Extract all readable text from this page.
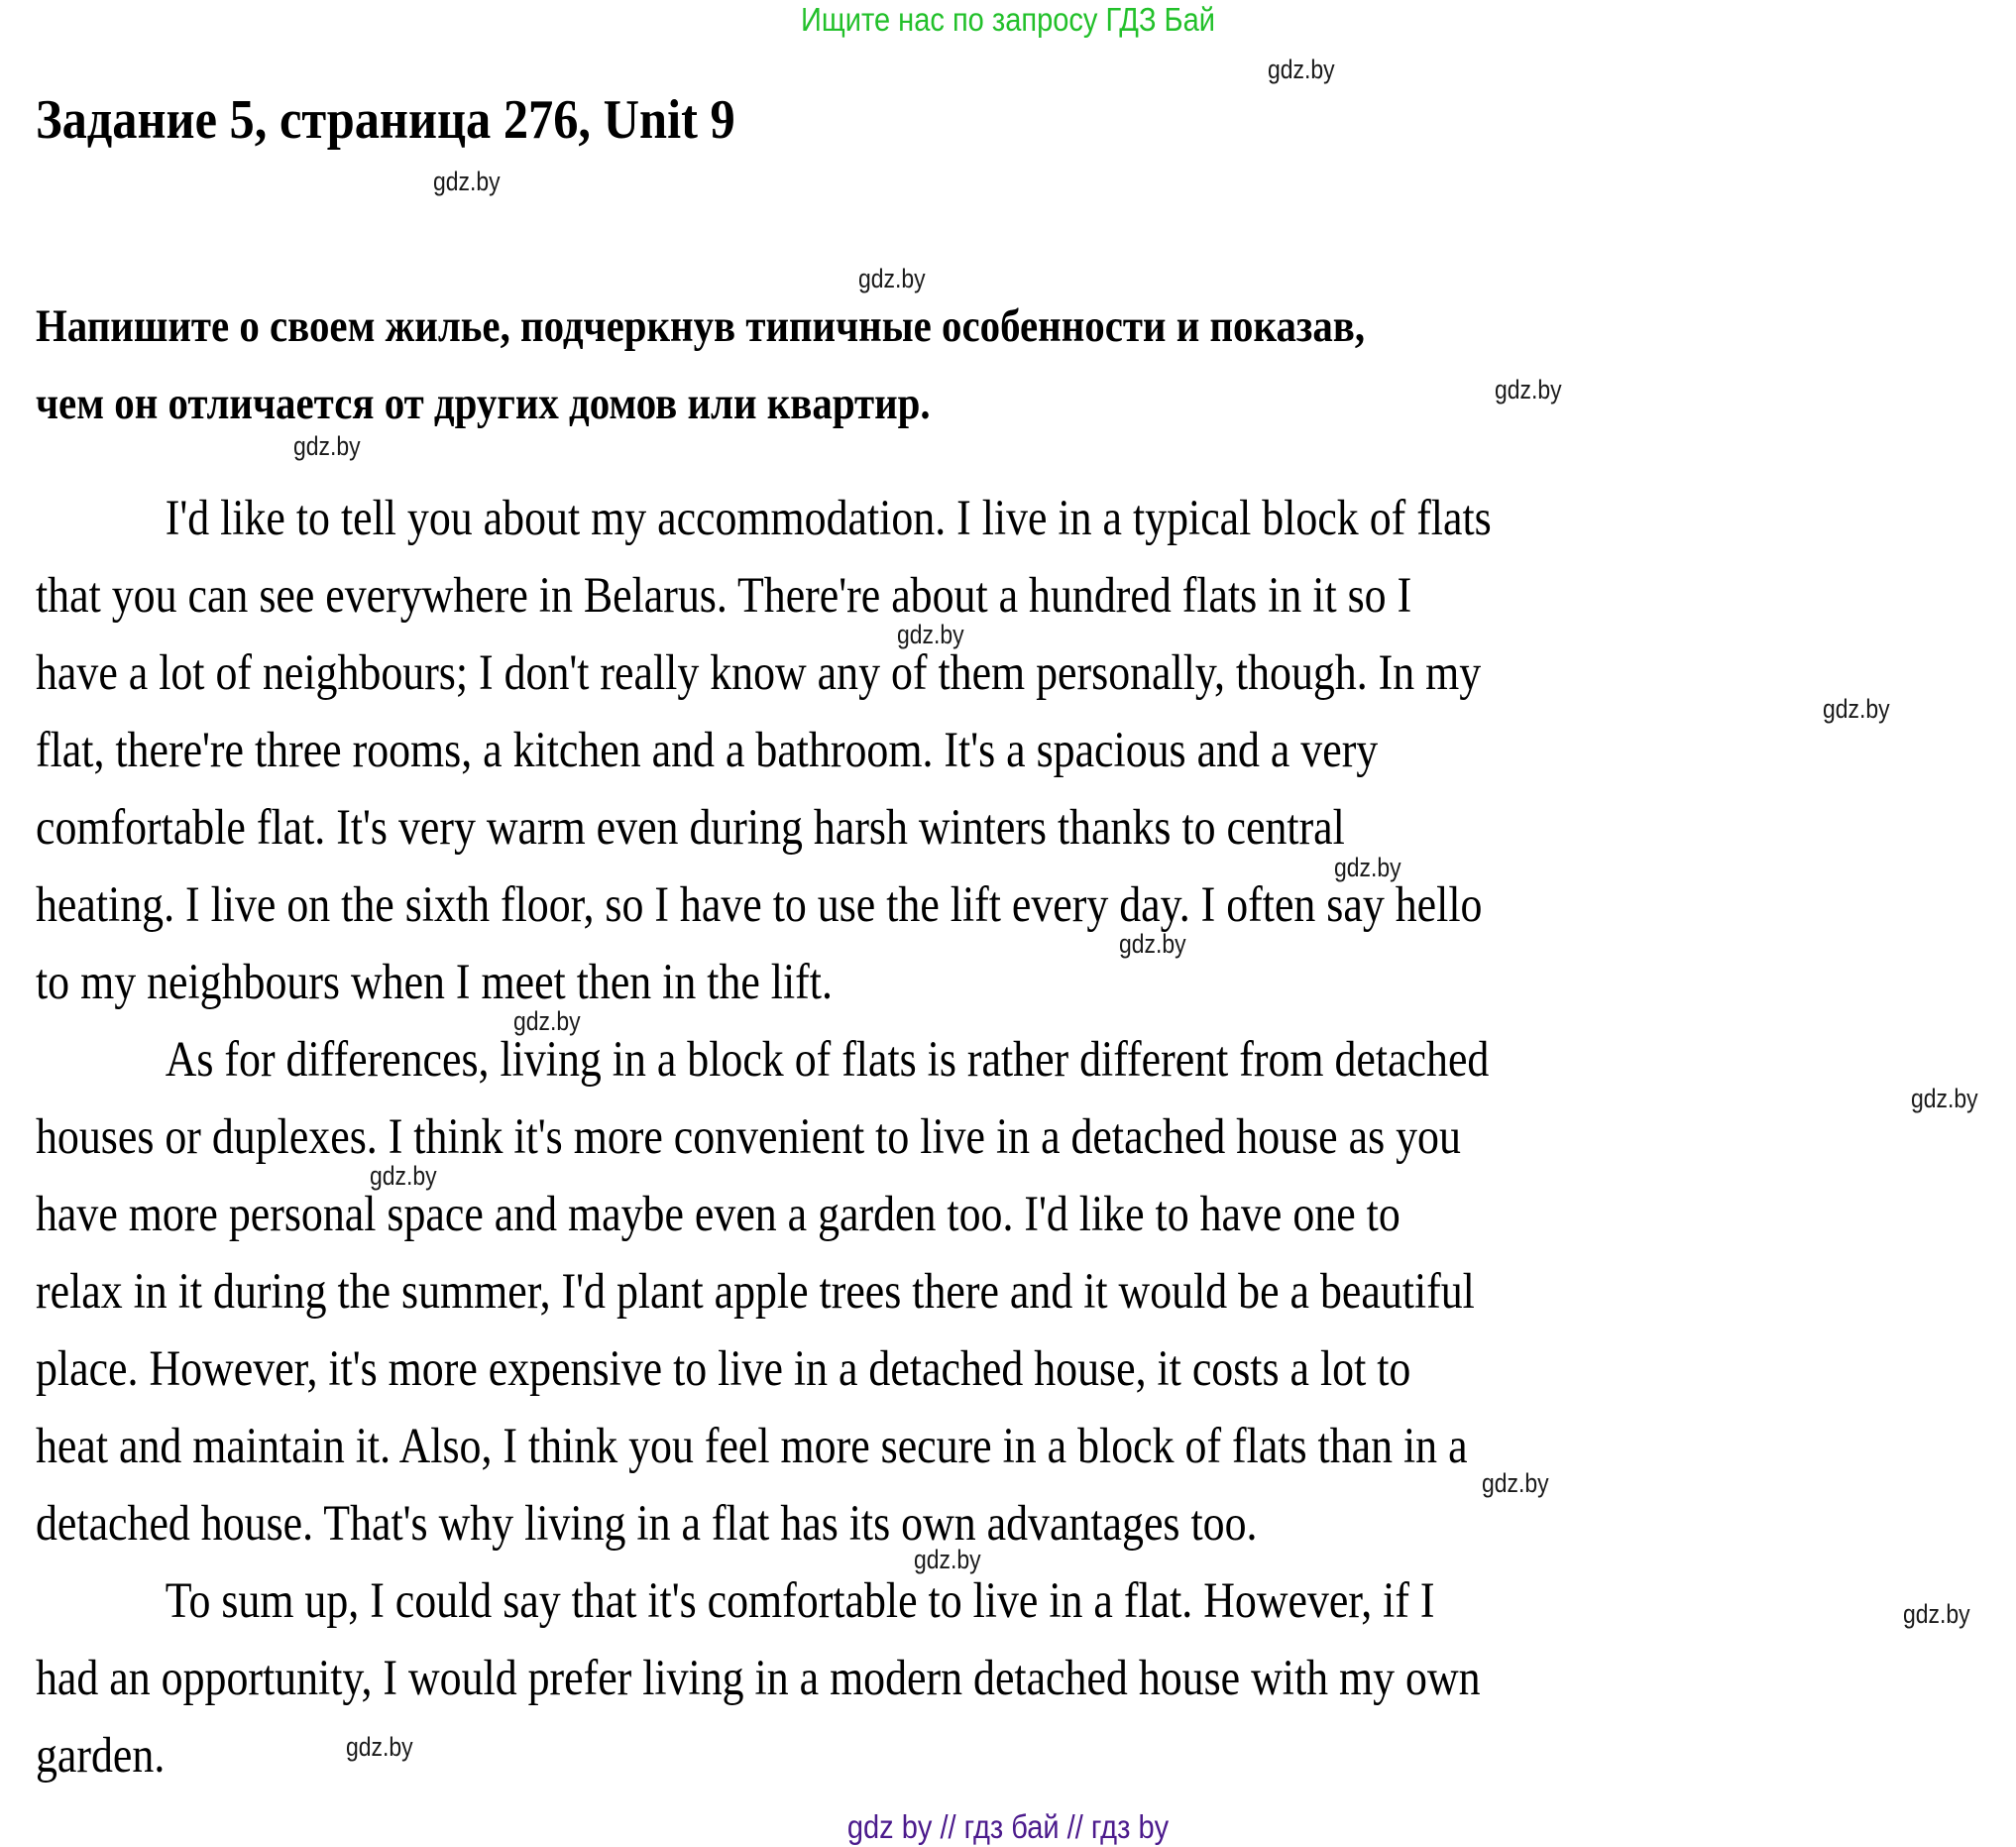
Ищите нас по запросу ГДЗ Бай
Задание 5, страница 276, Unit 9
Напишите о своем жилье, подчеркнув типичные особенности и показав,
чем он отличается от других домов или квартир.
I'd like to tell you about my accommodation. I live in a typical block of flats
that you can see everywhere in Belarus. There're about a hundred flats in it so I
have a lot of neighbours; I don't really know any of them personally, though. In my
flat, there're three rooms, a kitchen and a bathroom. It's a spacious and a very
comfortable flat. It's very warm even during harsh winters thanks to central
heating. I live on the sixth floor, so I have to use the lift every day. I often say hello
to my neighbours when I meet then in the lift.
As for differences, living in a block of flats is rather different from detached
houses or duplexes. I think it's more convenient to live in a detached house as you
have more personal space and maybe even a garden too. I'd like to have one to
relax in it during the summer, I'd plant apple trees there and it would be a beautiful
place. However, it's more expensive to live in a detached house, it costs a lot to
heat and maintain it. Also, I think you feel more secure in a block of flats than in a
detached house. That's why living in a flat has its own advantages too.
To sum up, I could say that it's comfortable to live in a flat. However, if I
had an opportunity, I would prefer living in a modern detached house with my own
garden.
gdz.by
gdz.by
gdz.by
gdz.by
gdz.by
gdz.by
gdz.by
gdz.by
gdz.by
gdz.by
gdz.by
gdz.by
gdz.by
gdz.by
gdz.by
gdz.by
gdz by // гдз бай // гдз by
